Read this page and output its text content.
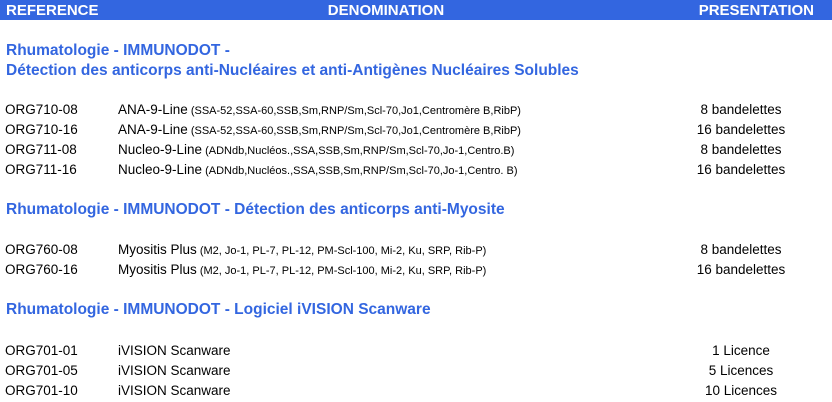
REFERENCE	DENOMINATION	PRESENTATION
Rhumatologie - IMMUNODOT -
Détection des anticorps anti-Nucléaires et anti-Antigènes Nucléaires Solubles
ORG710-08	ANA-9-Line (SSA-52,SSA-60,SSB,Sm,RNP/Sm,Scl-70,Jo1,Centromère B,RibP)	8 bandelettes
ORG710-16	ANA-9-Line (SSA-52,SSA-60,SSB,Sm,RNP/Sm,Scl-70,Jo1,Centromère B,RibP)	16 bandelettes
ORG711-08	Nucleo-9-Line (ADNdb,Nucléos.,SSA,SSB,Sm,RNP/Sm,Scl-70,Jo-1,Centro.B)	8 bandelettes
ORG711-16	Nucleo-9-Line (ADNdb,Nucléos.,SSA,SSB,Sm,RNP/Sm,Scl-70,Jo-1,Centro. B)	16 bandelettes
Rhumatologie - IMMUNODOT - Détection des anticorps anti-Myosite
ORG760-08	Myositis Plus (M2, Jo-1, PL-7, PL-12, PM-Scl-100, Mi-2, Ku, SRP, Rib-P)	8 bandelettes
ORG760-16	Myositis Plus (M2, Jo-1, PL-7, PL-12, PM-Scl-100, Mi-2, Ku, SRP, Rib-P)	16 bandelettes
Rhumatologie - IMMUNODOT - Logiciel iVISION Scanware
ORG701-01	iVISION Scanware	1 Licence
ORG701-05	iVISION Scanware	5 Licences
ORG701-10	iVISION Scanware	10 Licences
